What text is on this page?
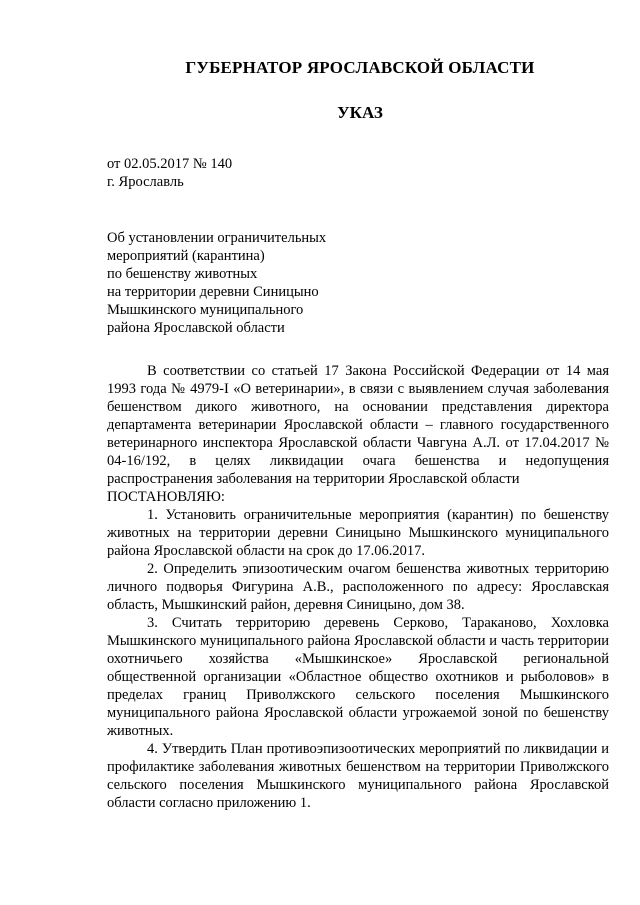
ГУБЕРНАТОР ЯРОСЛАВСКОЙ ОБЛАСТИ
УКАЗ
от 02.05.2017 № 140
г. Ярославль
Об установлении ограничительных
мероприятий (карантина)
по бешенству животных
на территории деревни Синицыно
Мышкинского муниципального
района Ярославской области

В соответствии со статьей 17 Закона Российской Федерации от 14 мая 1993 года № 4979-I «О ветеринарии», в связи с выявлением случая заболевания бешенством дикого животного, на основании представления директора департамента ветеринарии Ярославской области – главного государственного ветеринарного инспектора Ярославской области Чавгуна А.Л. от 17.04.2017 № 04-16/192, в целях ликвидации очага бешенства и недопущения распространения заболевания на территории Ярославской области

ПОСТАНОВЛЯЮ:

1. Установить ограничительные мероприятия (карантин) по бешенству животных на территории деревни Синицыно Мышкинского муниципального района Ярославской области на срок до 17.06.2017.

2. Определить эпизоотическим очагом бешенства животных территорию личного подворья Фигурина А.В., расположенного по адресу: Ярославская область, Мышкинский район, деревня Синицыно, дом 38.

3. Считать территорию деревень Серково, Тараканово, Хохловка Мышкинского муниципального района Ярославской области и часть территории охотничьего хозяйства «Мышкинское» Ярославской региональной общественной организации «Областное общество охотников и рыболовов» в пределах границ Приволжского сельского поселения Мышкинского муниципального района Ярославской области угрожаемой зоной по бешенству животных.

4. Утвердить План противоэпизоотических мероприятий по ликвидации и профилактике заболевания животных бешенством на территории Приволжского сельского поселения Мышкинского муниципального района Ярославской области согласно приложению 1.
